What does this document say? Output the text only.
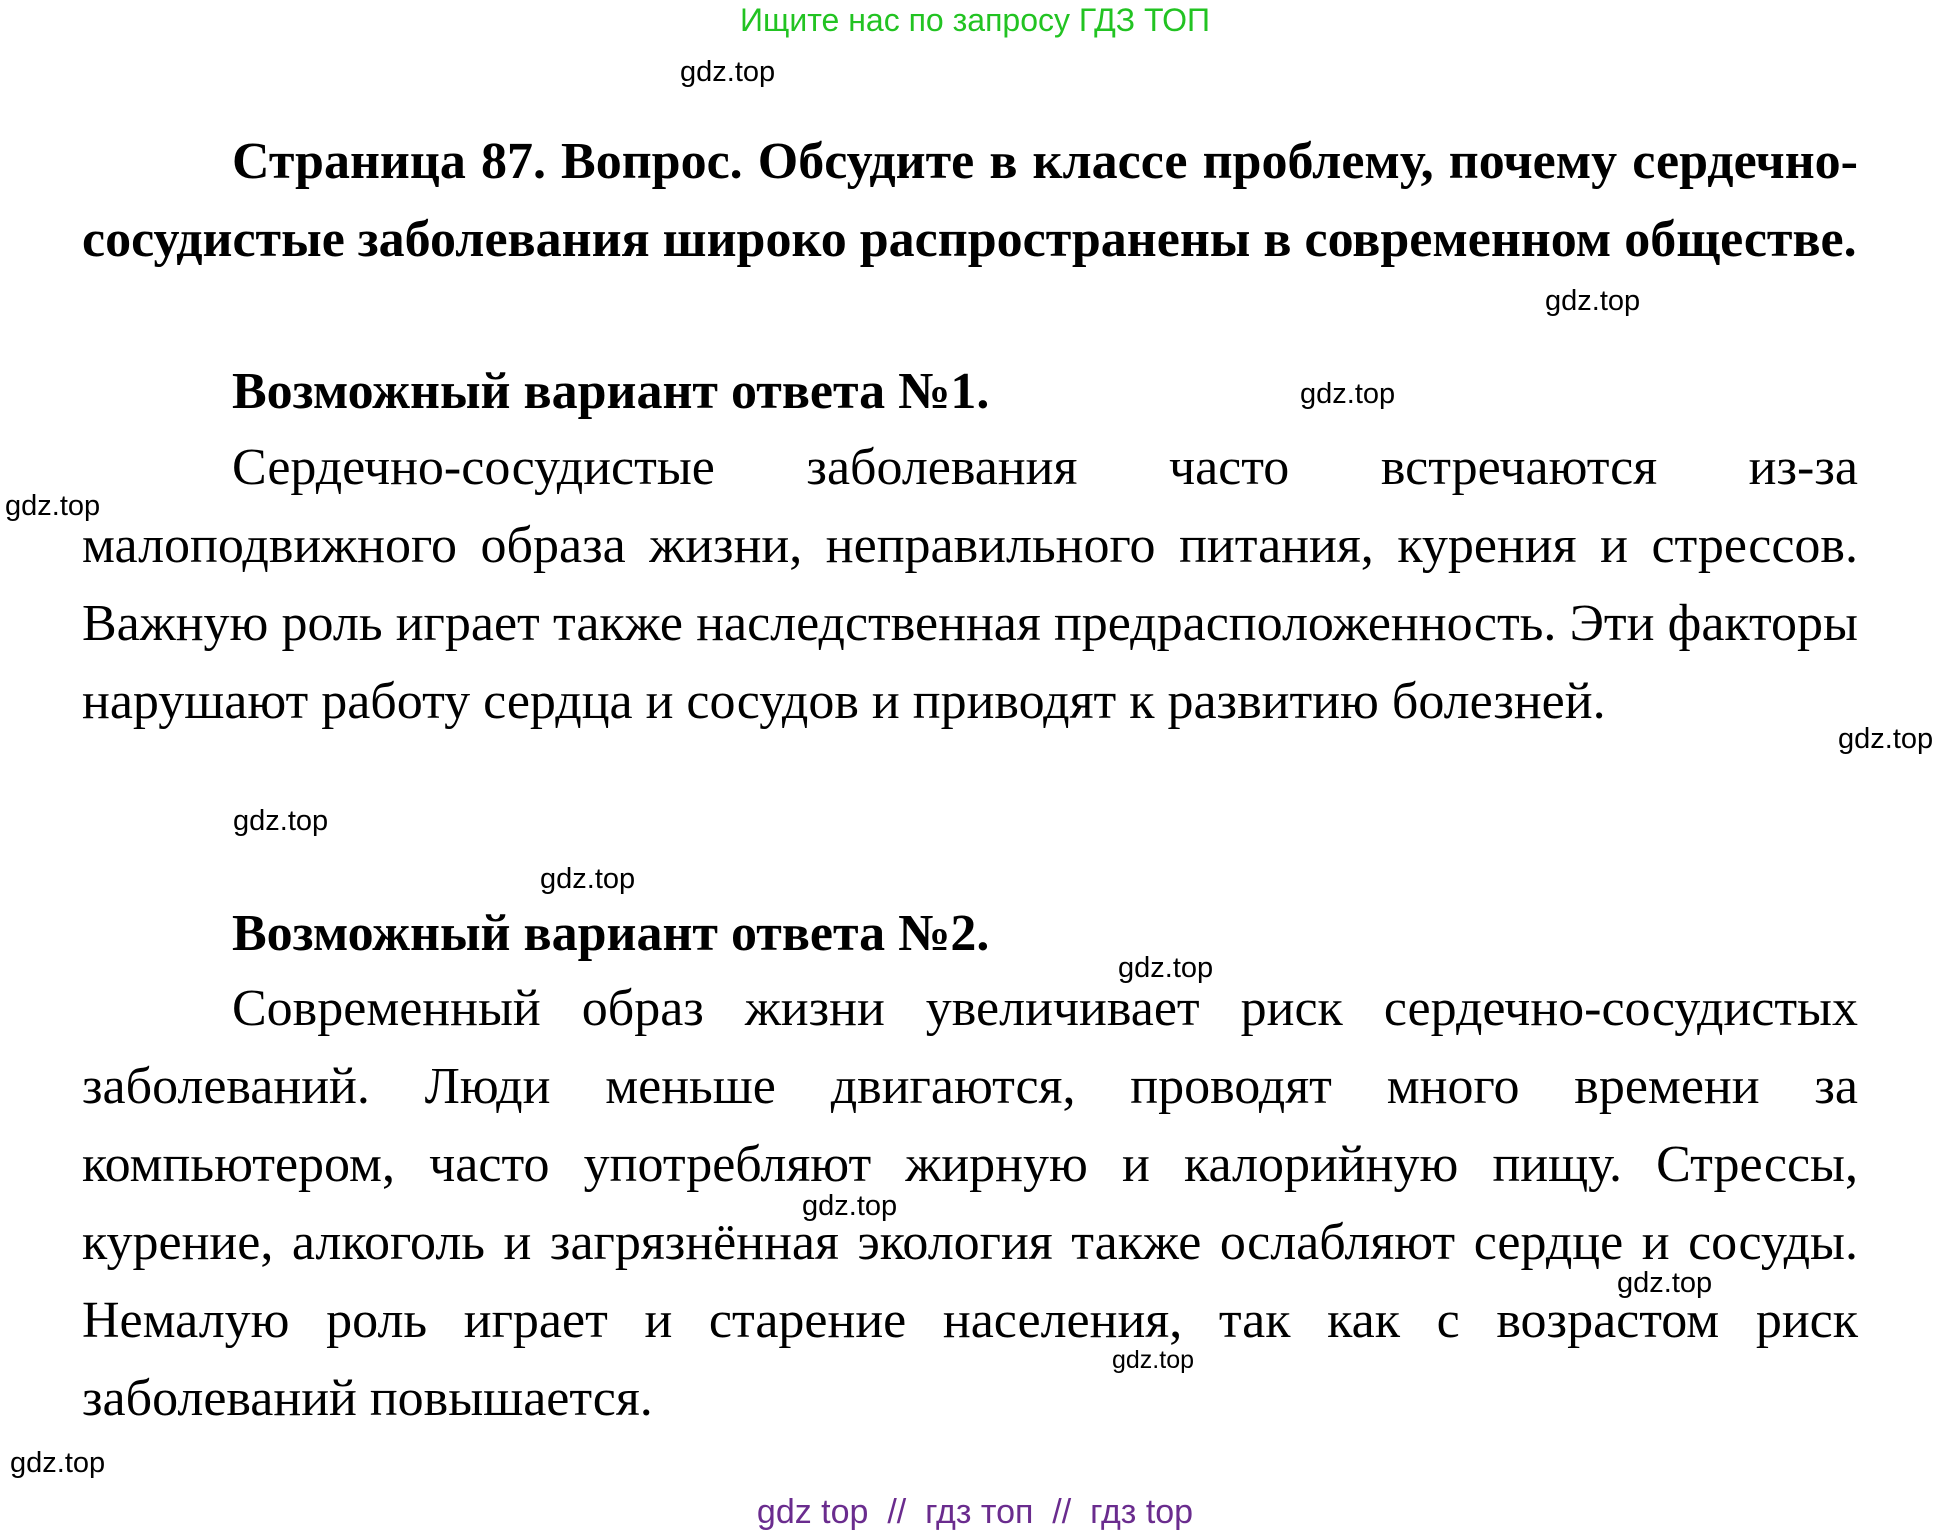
Ищите нас по запросу ГДЗ ТОП
gdz.top
Страница 87. Вопрос. Обсудите в классе проблему, почему сердечно-сосудистые заболевания широко распространены в современном обществе.
gdz.top
Возможный вариант ответа №1.	gdz.top
Сердечно-сосудистые заболевания часто встречаются из-за малоподвижного образа жизни, неправильного питания, курения и стрессов. Важную роль играет также наследственная предрасположенность. Эти факторы нарушают работу сердца и сосудов и приводят к развитию болезней.
gdz.top
gdz.top
gdz.top
gdz.top
Возможный вариант ответа №2.
gdz.top
Современный образ жизни увеличивает риск сердечно-сосудистых заболеваний. Люди меньше двигаются, проводят много времени за компьютером, часто употребляют жирную и калорийную пищу. Стрессы, курение, алкоголь и загрязнённая экология также ослабляют сердце и сосуды. Немалую роль играет и старение населения, так как с возрастом риск заболеваний повышается.
gdz.top
gdz.top
gdz.top
gdz.top
gdz top  //  гдз топ  //  гдз top
